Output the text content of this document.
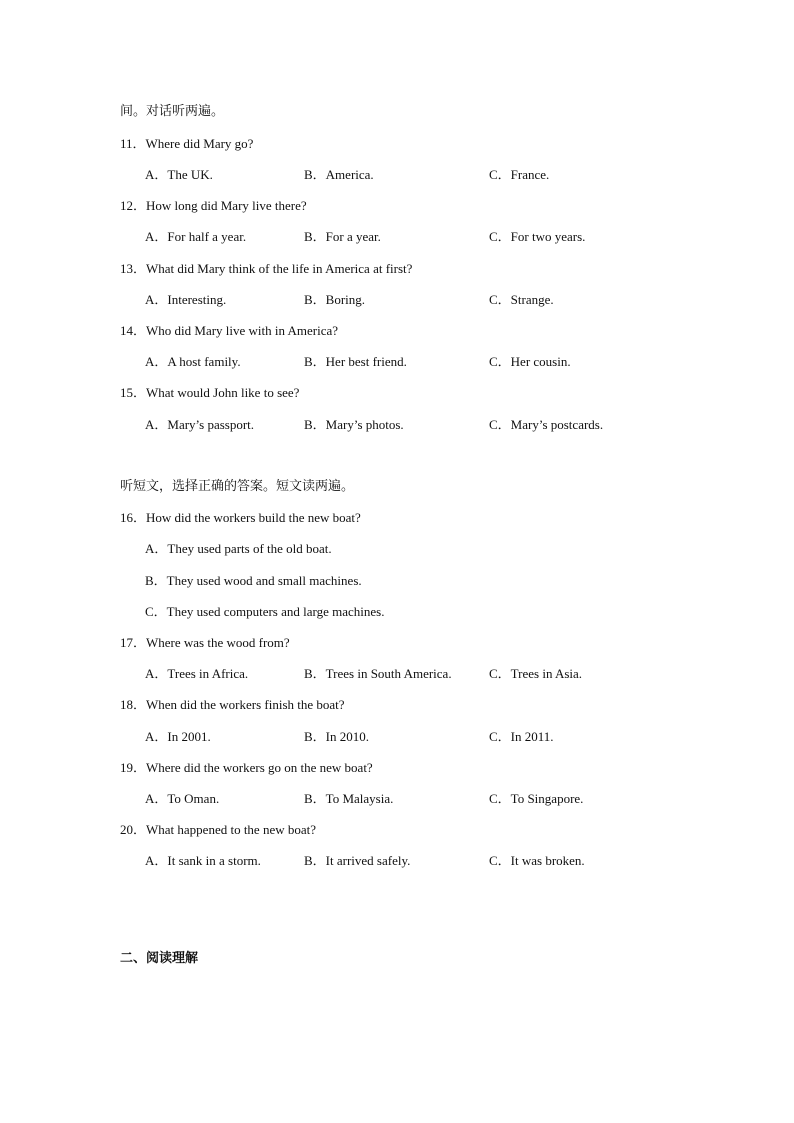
间。对话听两遍。
11．Where did Mary go?
A．The UK.	B．America.	C．France.
12．How long did Mary live there?
A．For half a year.	B．For a year.	C．For two years.
13．What did Mary think of the life in America at first?
A．Interesting.	B．Boring.	C．Strange.
14．Who did Mary live with in America?
A．A host family.	B．Her best friend.	C．Her cousin.
15．What would John like to see?
A．Mary’s passport.	B．Mary’s photos.	C．Mary’s postcards.
听短文，选择正确的答案。短文读两遍。
16．How did the workers build the new boat?
A．They used parts of the old boat.
B．They used wood and small machines.
C．They used computers and large machines.
17．Where was the wood from?
A．Trees in Africa.	B．Trees in South America.	C．Trees in Asia.
18．When did the workers finish the boat?
A．In 2001.	B．In 2010.	C．In 2011.
19．Where did the workers go on the new boat?
A．To Oman.	B．To Malaysia.	C．To Singapore.
20．What happened to the new boat?
A．It sank in a storm.	B．It arrived safely.	C．It was broken.
二、阅读理解
